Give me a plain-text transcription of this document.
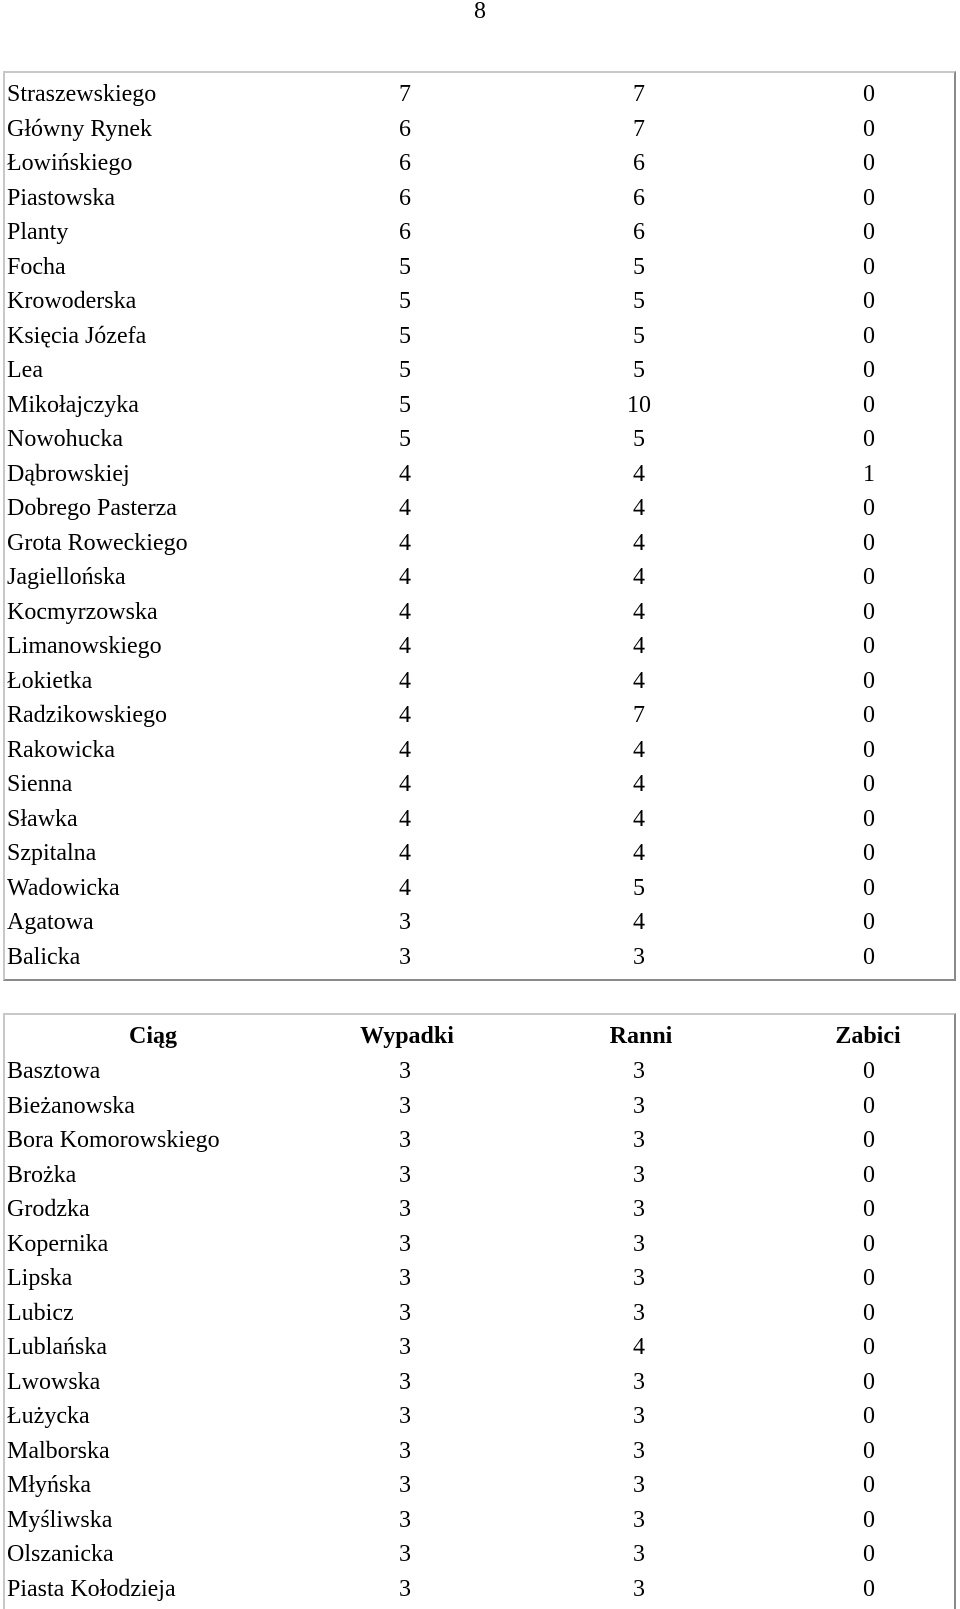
8
Straszewskiego	7	7	0
Główny Rynek	6	7	0
Łowińskiego	6	6	0
Piastowska	6	6	0
Planty	6	6	0
Focha	5	5	0
Krowoderska	5	5	0
Księcia Józefa	5	5	0
Lea	5	5	0
Mikołajczyka	5	10	0
Nowohucka	5	5	0
Dąbrowskiej	4	4	1
Dobrego Pasterza	4	4	0
Grota Roweckiego	4	4	0
Jagiellońska	4	4	0
Kocmyrzowska	4	4	0
Limanowskiego	4	4	0
Łokietka	4	4	0
Radzikowskiego	4	7	0
Rakowicka	4	4	0
Sienna	4	4	0
Sławka	4	4	0
Szpitalna	4	4	0
Wadowicka	4	5	0
Agatowa	3	4	0
Balicka	3	3	0
Ciąg	Wypadki	Ranni	Zabici
Basztowa	3	3	0
Bieżanowska	3	3	0
Bora Komorowskiego	3	3	0
Brożka	3	3	0
Grodzka	3	3	0
Kopernika	3	3	0
Lipska	3	3	0
Lubicz	3	3	0
Lublańska	3	4	0
Lwowska	3	3	0
Łużycka	3	3	0
Malborska	3	3	0
Młyńska	3	3	0
Myśliwska	3	3	0
Olszanicka	3	3	0
Piasta Kołodzieja	3	3	0
